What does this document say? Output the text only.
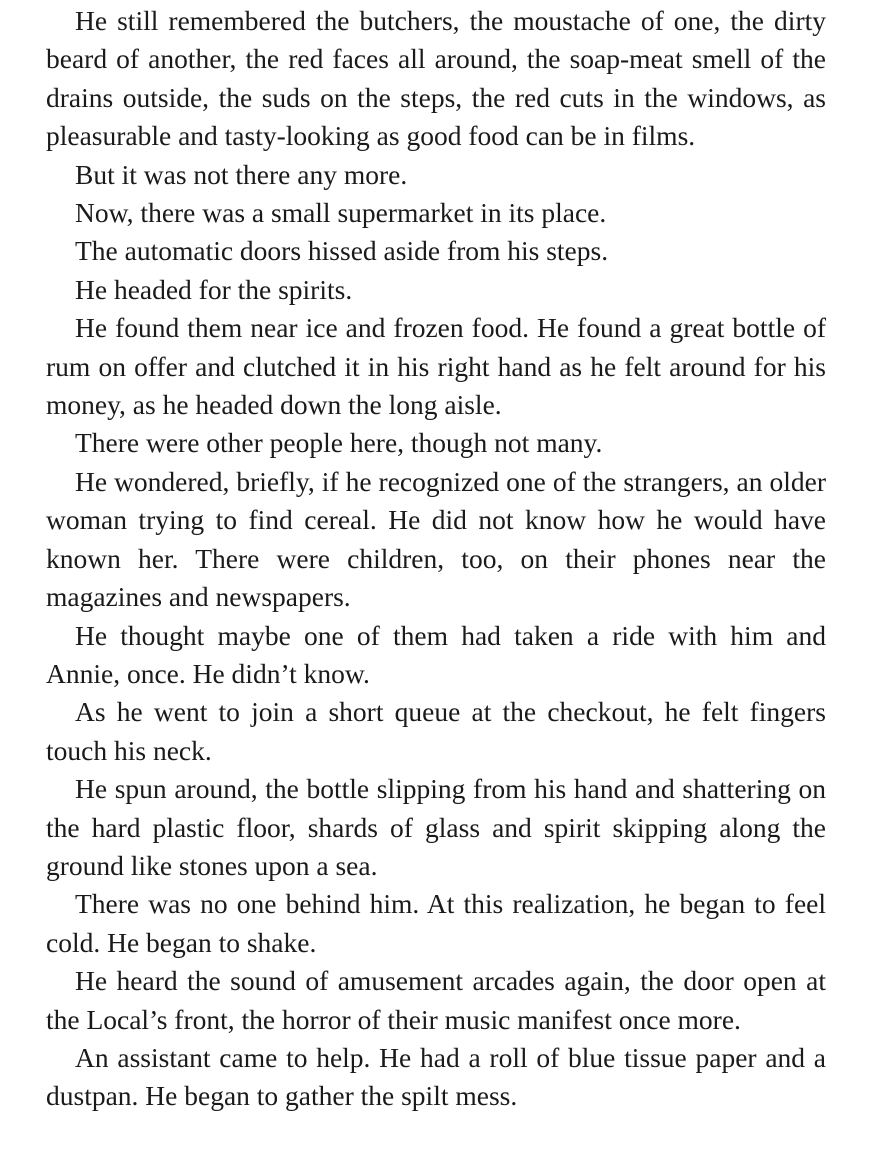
He still remembered the butchers, the moustache of one, the dirty beard of another, the red faces all around, the soap-meat smell of the drains outside, the suds on the steps, the red cuts in the windows, as pleasurable and tasty-looking as good food can be in films.

But it was not there any more.

Now, there was a small supermarket in its place.

The automatic doors hissed aside from his steps.

He headed for the spirits.

He found them near ice and frozen food. He found a great bottle of rum on offer and clutched it in his right hand as he felt around for his money, as he headed down the long aisle.

There were other people here, though not many.

He wondered, briefly, if he recognized one of the strangers, an older woman trying to find cereal. He did not know how he would have known her. There were children, too, on their phones near the magazines and newspapers.

He thought maybe one of them had taken a ride with him and Annie, once. He didn’t know.

As he went to join a short queue at the checkout, he felt fingers touch his neck.

He spun around, the bottle slipping from his hand and shattering on the hard plastic floor, shards of glass and spirit skipping along the ground like stones upon a sea.

There was no one behind him. At this realization, he began to feel cold. He began to shake.

He heard the sound of amusement arcades again, the door open at the Local’s front, the horror of their music manifest once more.

An assistant came to help. He had a roll of blue tissue paper and a dustpan. He began to gather the spilt mess.
